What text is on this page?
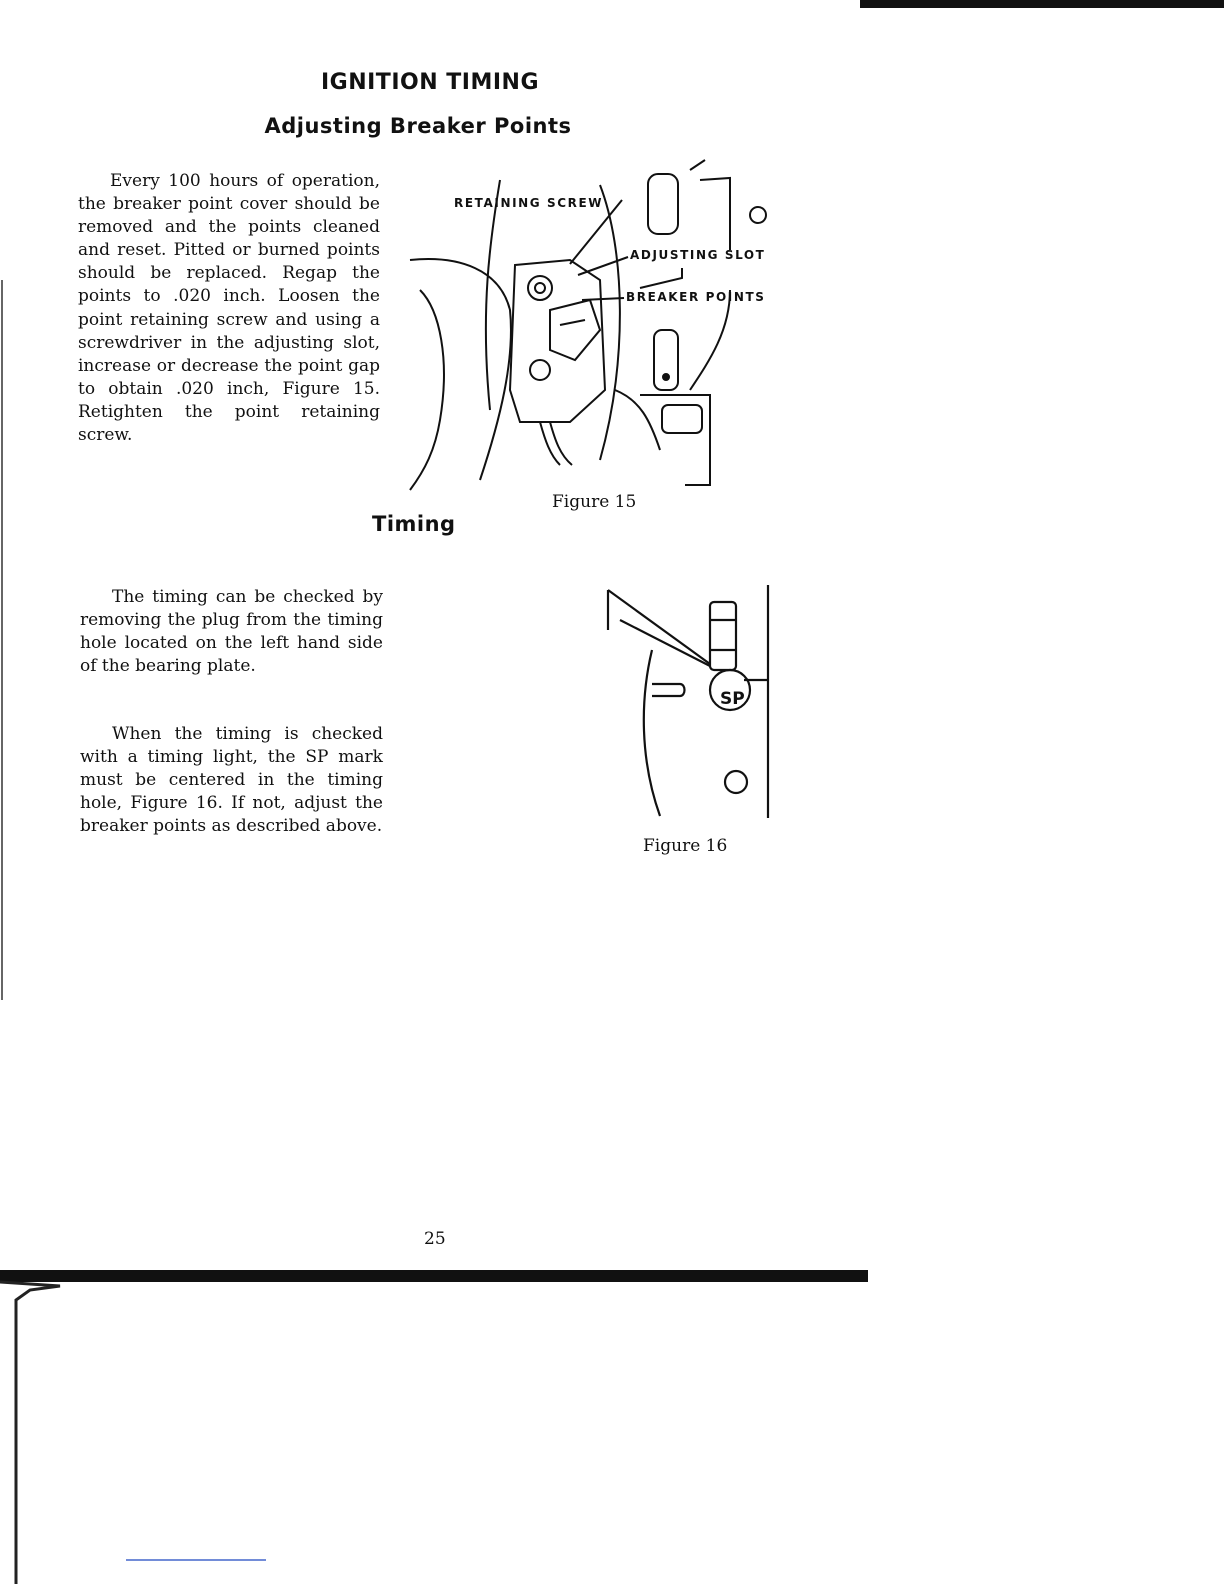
IGNITION TIMING
Adjusting Breaker Points

Every 100 hours of operation, the breaker point cover should be removed and the points cleaned and reset. Pitted or burned points should be replaced. Regap the points to .020 inch. Loosen the point retaining screw and using a screwdriver in the adjusting slot, increase or decrease the point gap to obtain .020 inch, Figure 15. Retighten the point retaining screw.

RETAINING SCREW
ADJUSTING SLOT
BREAKER POINTS
Figure 15
Timing

The timing can be checked by removing the plug from the timing hole located on the left hand side of the bearing plate.

When the timing is checked with a timing light, the SP mark must be centered in the timing hole, Figure 16. If not, adjust the breaker points as described above.

SP
Figure 16
25
